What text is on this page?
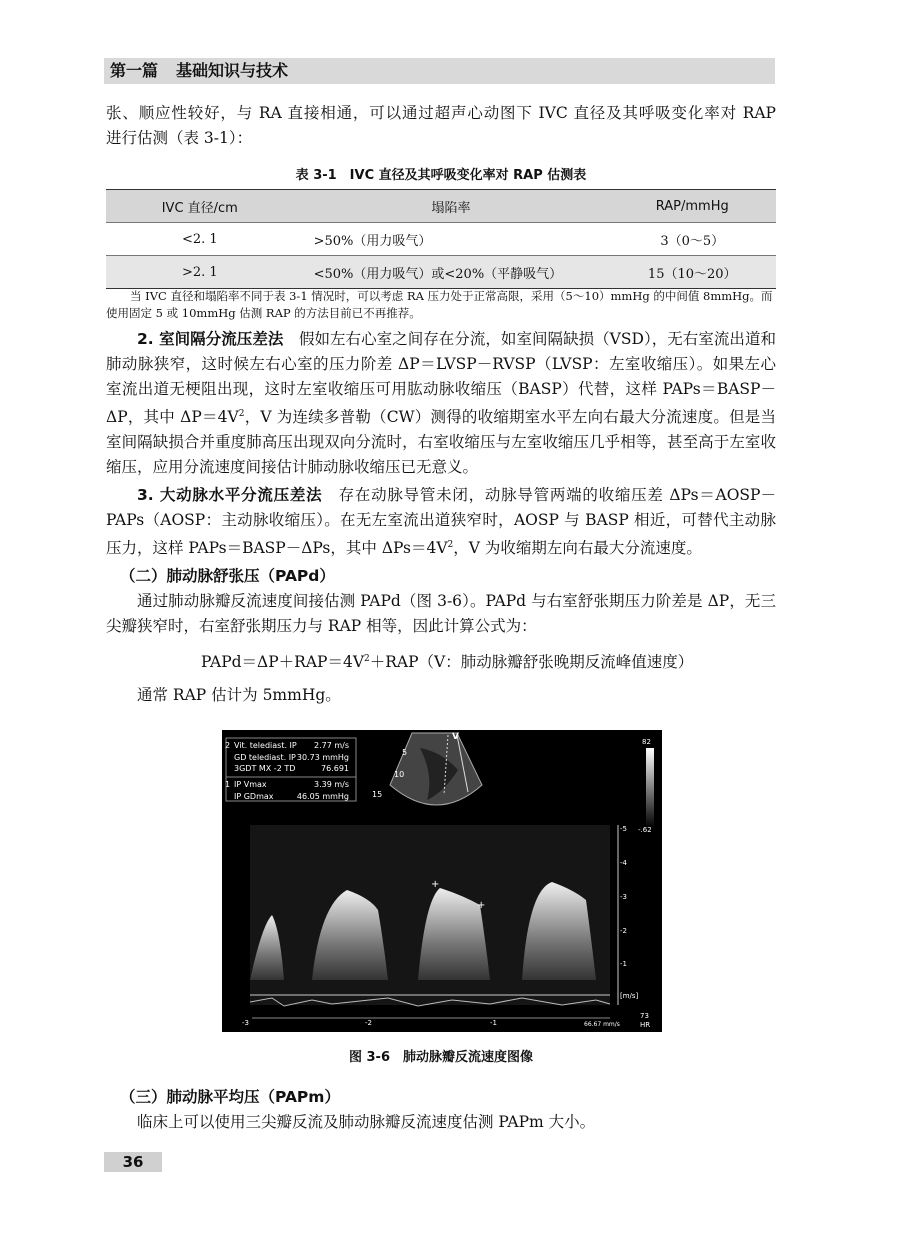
第一篇 基础知识与技术
张、顺应性较好，与 RA 直接相通，可以通过超声心动图下 IVC 直径及其呼吸变化率对 RAP
进行估测（表 3-1）：
表 3-1　IVC 直径及其呼吸变化率对 RAP 估测表
IVC 直径/cm	塌陷率	RAP/mmHg
<2. 1	>50%（用力吸气）	3（0～5）
>2. 1	<50%（用力吸气）或<20%（平静吸气）	15（10～20）
当 IVC 直径和塌陷率不同于表 3-1 情况时，可以考虑 RA 压力处于正常高限，采用（5～10）mmHg 的中间值 8mmHg。而使用固定 5 或 10mmHg 估测 RAP 的方法目前已不再推荐。
2. 室间隔分流压差法　假如左右心室之间存在分流，如室间隔缺损（VSD），无右室流出道和肺动脉狭窄，这时候左右心室的压力阶差 ΔP＝LVSP－RVSP（LVSP：左室收缩压）。如果左心室流出道无梗阻出现，这时左室收缩压可用肱动脉收缩压（BASP）代替，这样 PAPs＝BASP－ΔP，其中 $\Delta P=4V^2$，V 为连续多普勒（CW）测得的收缩期室水平左向右最大分流速度。但是当室间隔缺损合并重度肺高压出现双向分流时，右室收缩压与左室收缩压几乎相等，甚至高于左室收缩压，应用分流速度间接估计肺动脉收缩压已无意义。
3. 大动脉水平分流压差法　存在动脉导管未闭，动脉导管两端的收缩压差 ΔPs＝AOSP－PAPs（AOSP：主动脉收缩压）。在无左室流出道狭窄时，AOSP 与 BASP 相近，可替代主动脉压力，这样 PAPs＝BASP－ΔPs，其中 $\Delta Ps=4V^2$，V 为收缩期左向右最大分流速度。
（二）肺动脉舒张压（PAPd）
通过肺动脉瓣反流速度间接估测 PAPd（图 3-6）。PAPd 与右室舒张期压力阶差是 ΔP，无三尖瓣狭窄时，右室舒张期压力与 RAP 相等，因此计算公式为：
$PAPd=\Delta P+RAP=4V^2+RAP(V$：肺动脉瓣舒张晚期反流峰值速度）
通常 RAP 估计为 5mmHg。
+
+
2 Vit. telediast. IP 2.77 m/s
GD telediast. IP 30.73 mmHg
3GDT MX -2 TD	76.691
1 IP Vmax	3.39 m/s
IP GDmax	46.05 mmHg
5
10
15
V	82
-.62
-5
-4
-3
-2
-1
[m/s]
-3	-2	-1	66.67 mm/s
73
HR
图 3-6　肺动脉瓣反流速度图像
（三）肺动脉平均压（PAPm）
临床上可以使用三尖瓣反流及肺动脉瓣反流速度估测 PAPm 大小。
36
